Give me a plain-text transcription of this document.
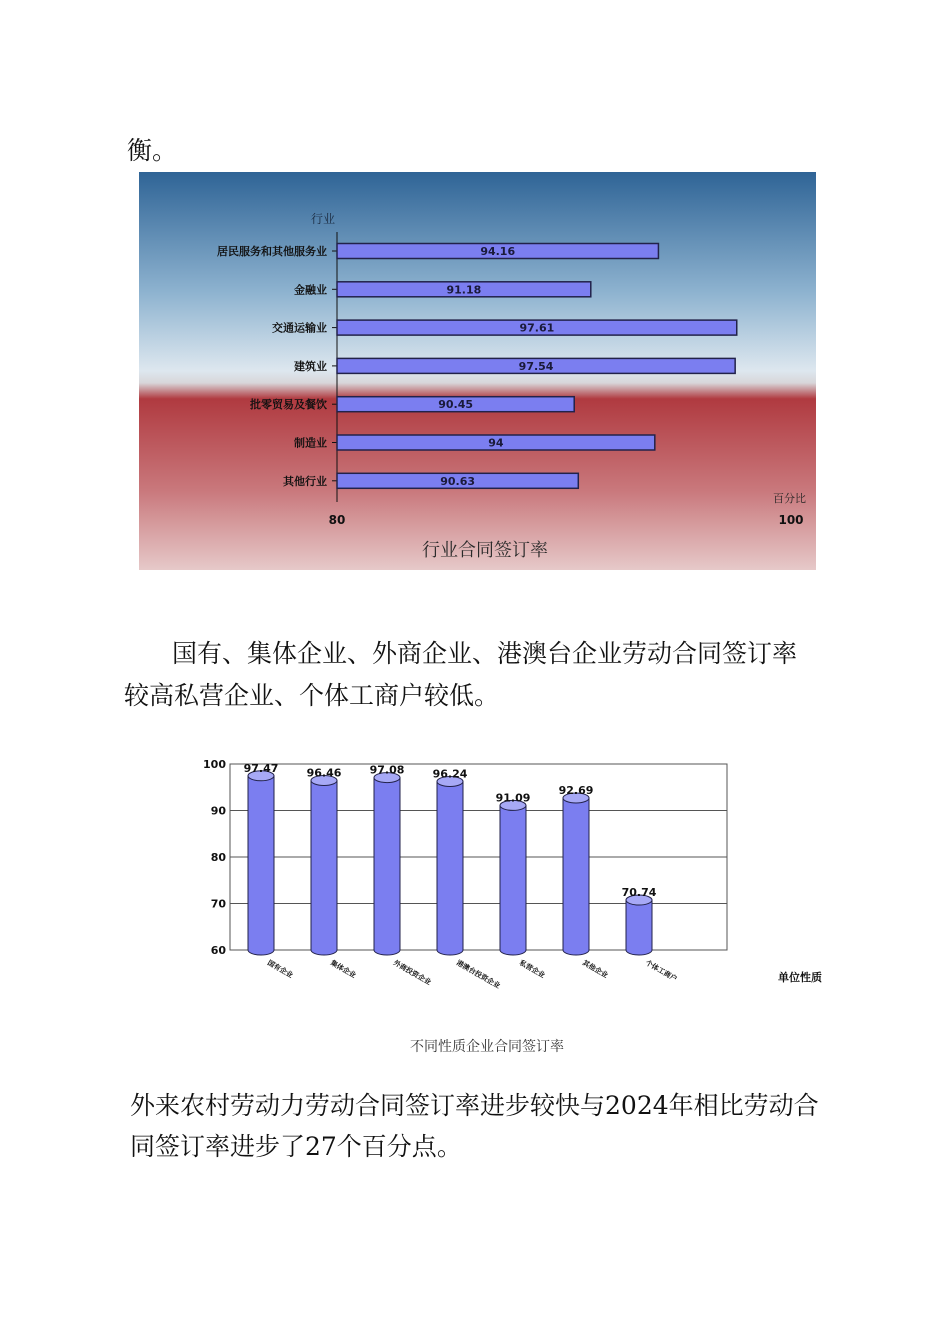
衡。

行业
居民服务和其他服务业	94.16
金融业	91.18
交通运输业	97.61
建筑业	97.54
批零贸易及餐饮	90.45
制造业	94
其他行业	90.63
百分比
80	100
行业合同签订率

国有、集体企业、外商企业、港澳台企业劳动合同签订率

较高私营企业、个体工商户较低。

100
90
80
70
60
97.47
国有企业
96.46
集体企业
97.08
外商投资企业
96.24
港澳台投资企业
91.09
私营企业
92.69
其他企业
70.74
个体工商户	单位性质
不同性质企业合同签订率

外来农村劳动力劳动合同签订率进步较快与2024年相比劳动合

同签订率进步了27个百分点。
